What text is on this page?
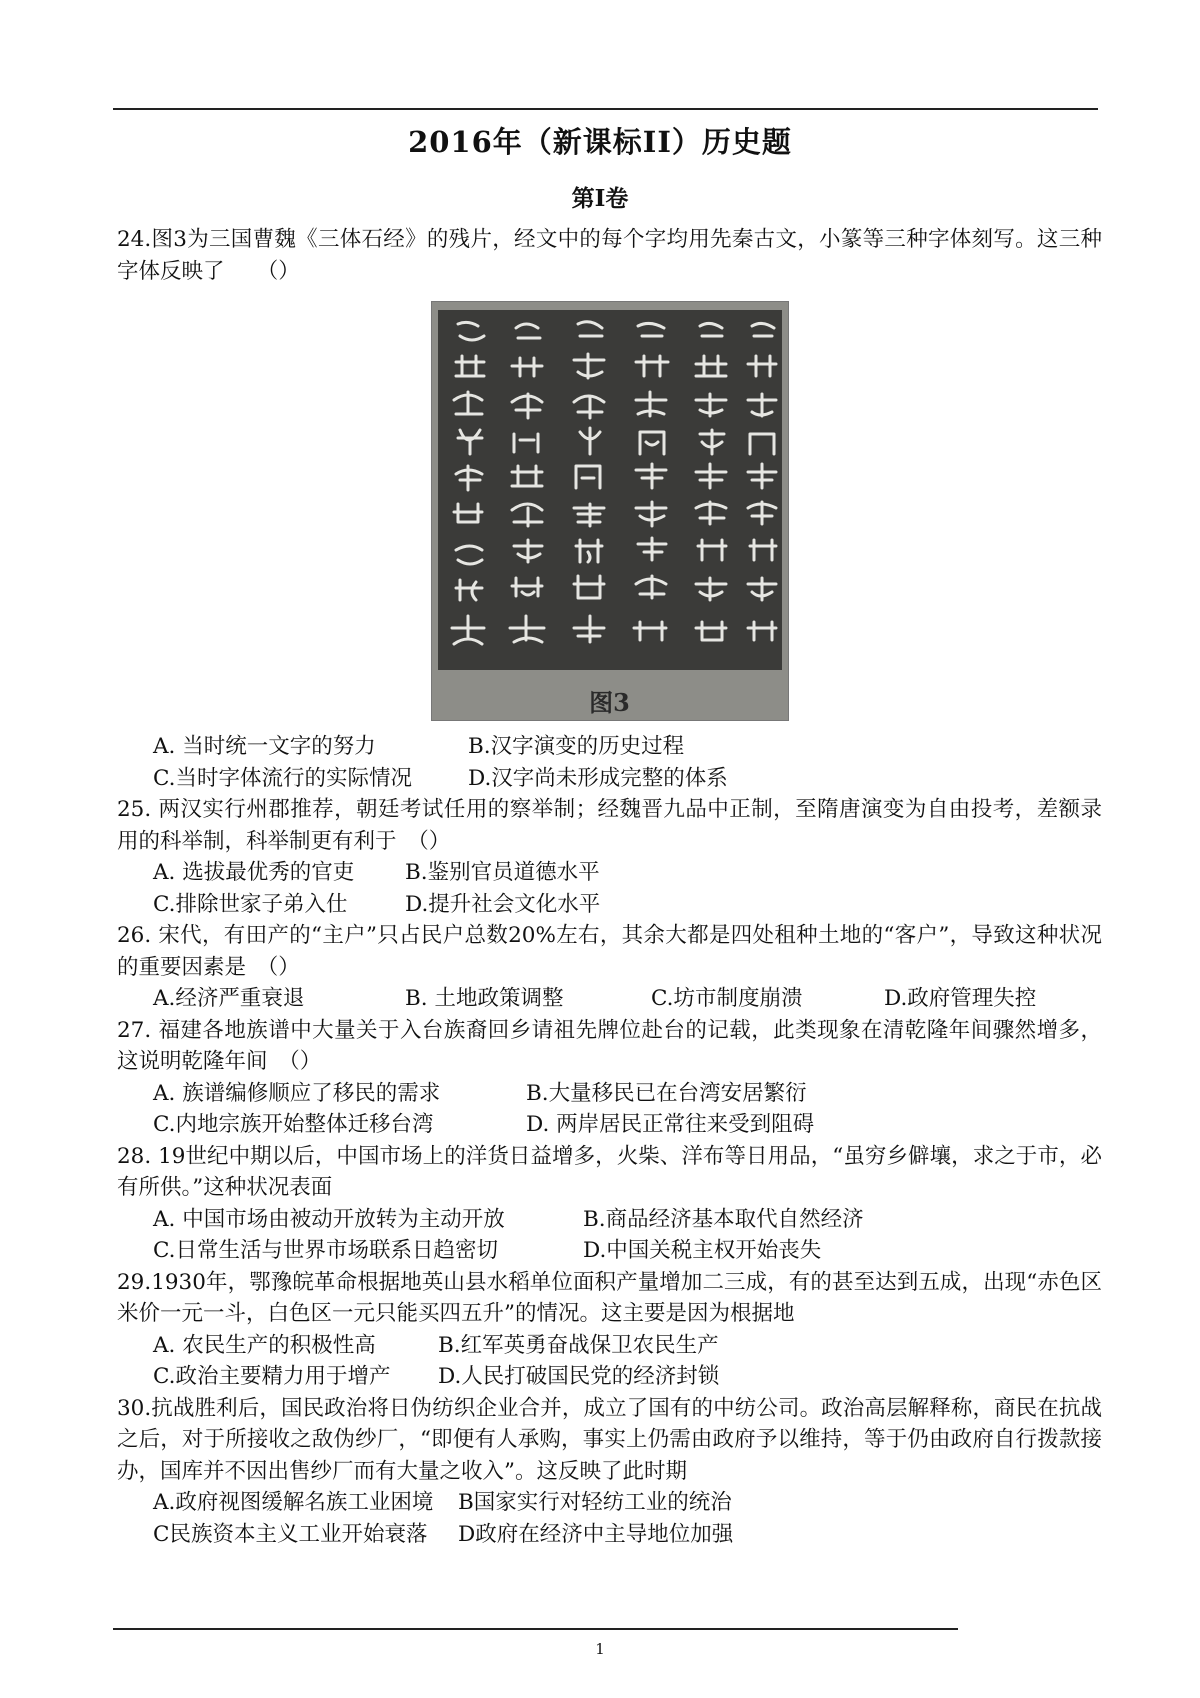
2016年（新课标II）历史题
第Ⅰ卷

24.图3为三国曹魏《三体石经》的残片，经文中的每个字均用先秦古文，小篆等三种字体刻写。这三种字体反映了　　（）

图3
A. 当时统一文字的努力	B.汉字演变的历史过程
C.当时字体流行的实际情况	D.汉字尚未形成完整的体系

25. 两汉实行州郡推荐，朝廷考试任用的察举制；经魏晋九品中正制，至隋唐演变为自由投考，差额录用的科举制，科举制更有利于　（）

A. 选拔最优秀的官吏	B.鉴别官员道德水平
C.排除世家子弟入仕	D.提升社会文化水平

26. 宋代，有田产的“主户”只占民户总数20%左右，其余大都是四处租种土地的“客户”，导致这种状况的重要因素是　（）

A.经济严重衰退	B. 土地政策调整	C.坊市制度崩溃	D.政府管理失控

27. 福建各地族谱中大量关于入台族裔回乡请祖先牌位赴台的记载，此类现象在清乾隆年间骤然增多，这说明乾隆年间　（）

A. 族谱编修顺应了移民的需求	B.大量移民已在台湾安居繁衍
C.内地宗族开始整体迁移台湾	D. 两岸居民正常往来受到阻碍

28. 19世纪中期以后，中国市场上的洋货日益增多，火柴、洋布等日用品，“虽穷乡僻壤，求之于市，必有所供。”这种状况表面

A. 中国市场由被动开放转为主动开放	B.商品经济基本取代自然经济
C.日常生活与世界市场联系日趋密切	D.中国关税主权开始丧失

29.1930年，鄂豫皖革命根据地英山县水稻单位面积产量增加二三成，有的甚至达到五成，出现“赤色区米价一元一斗，白色区一元只能买四五升”的情况。这主要是因为根据地

A. 农民生产的积极性高	B.红军英勇奋战保卫农民生产
C.政治主要精力用于增产	D.人民打破国民党的经济封锁

30.抗战胜利后，国民政治将日伪纺织企业合并，成立了国有的中纺公司。政治高层解释称，商民在抗战之后，对于所接收之敌伪纱厂，“即便有人承购，事实上仍需由政府予以维持，等于仍由政府自行拨款接办，国库并不因出售纱厂而有大量之收入”。这反映了此时期

A.政府视图缓解名族工业困境	B国家实行对轻纺工业的统治
C民族资本主义工业开始衰落	D政府在经济中主导地位加强
1
